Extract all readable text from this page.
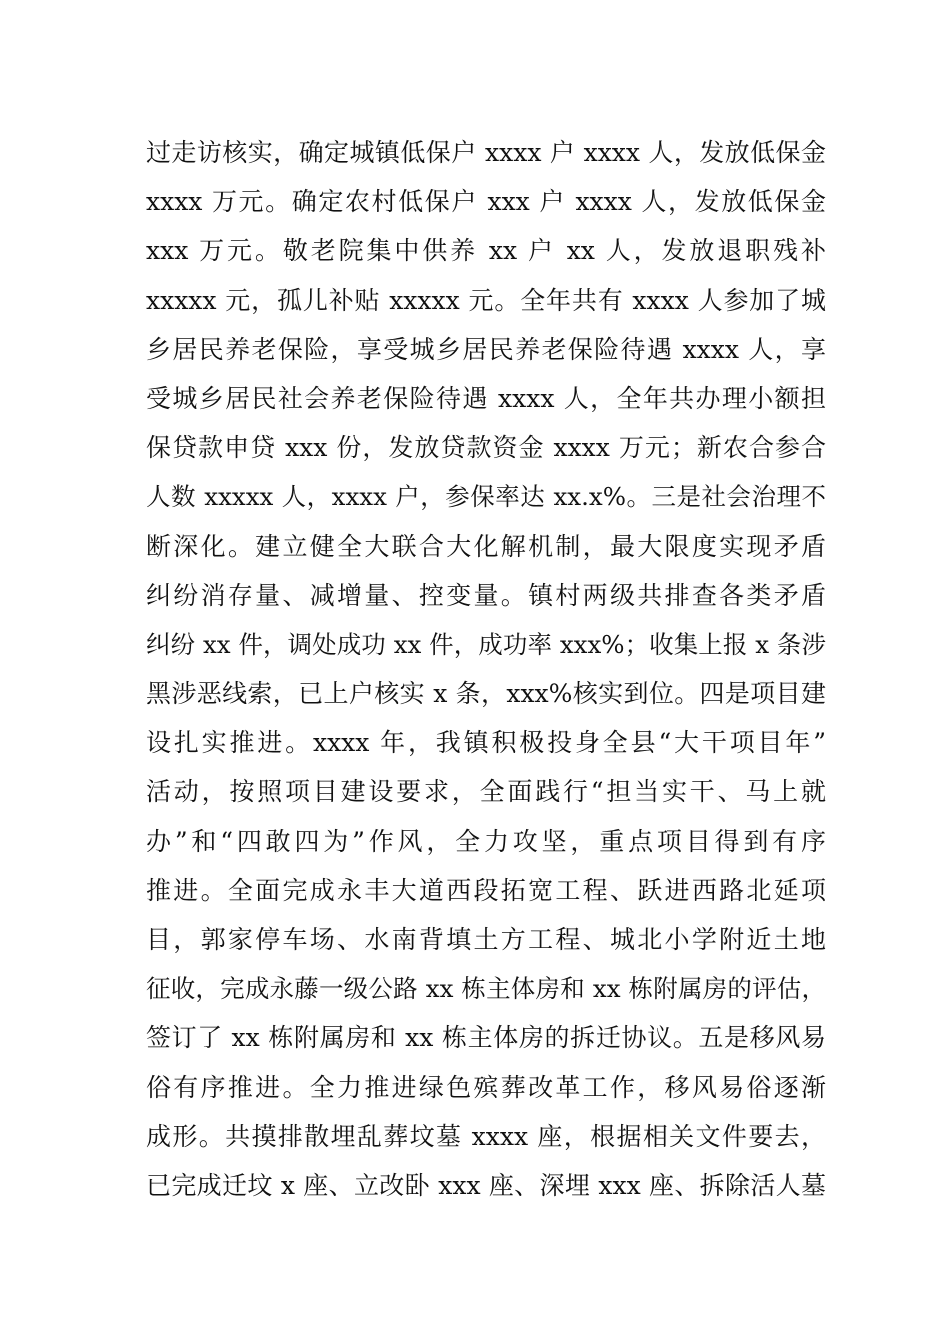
过走访核实，确定城镇低保户 xxxx 户 xxxx 人，发放低保金
xxxx 万元。确定农村低保户 xxx 户 xxxx 人，发放低保金
xxx 万元。敬老院集中供养 xx 户 xx 人，发放退职残补
xxxxx 元，孤儿补贴 xxxxx 元。全年共有 xxxx 人参加了城
乡居民养老保险，享受城乡居民养老保险待遇 xxxx 人，享
受城乡居民社会养老保险待遇 xxxx 人，全年共办理小额担
保贷款申贷 xxx 份，发放贷款资金 xxxx 万元；新农合参合
人数 xxxxx 人，xxxx 户，参保率达 xx.x%。三是社会治理不
断深化。建立健全大联合大化解机制，最大限度实现矛盾
纠纷消存量、减增量、控变量。镇村两级共排查各类矛盾
纠纷 xx 件，调处成功 xx 件，成功率 xxx%；收集上报 x 条涉
黑涉恶线索，已上户核实 x 条，xxx%核实到位。四是项目建
设扎实推进。xxxx 年，我镇积极投身全县“大干项目年”
活动，按照项目建设要求，全面践行“担当实干、马上就
办”和“四敢四为”作风，全力攻坚，重点项目得到有序
推进。全面完成永丰大道西段拓宽工程、跃进西路北延项
目，郭家停车场、水南背填土方工程、城北小学附近土地
征收，完成永藤一级公路 xx 栋主体房和 xx 栋附属房的评估，
签订了 xx 栋附属房和 xx 栋主体房的拆迁协议。五是移风易
俗有序推进。全力推进绿色殡葬改革工作，移风易俗逐渐
成形。共摸排散埋乱葬坟墓 xxxx 座，根据相关文件要去，
已完成迁坟 x 座、立改卧 xxx 座、深埋 xxx 座、拆除活人墓
